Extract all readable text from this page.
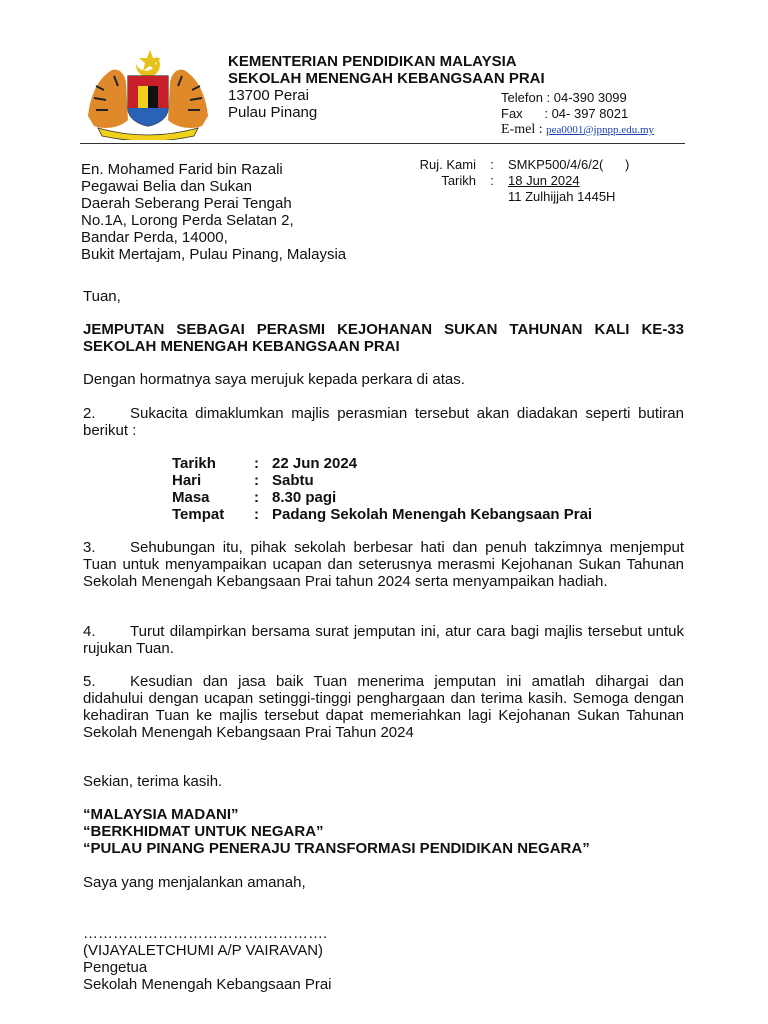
KEMENTERIAN PENDIDIKAN MALAYSIA
SEKOLAH MENENGAH KEBANGSAAN PRAI
13700 Perai
Pulau Pinang
Telefon : 04-390 3099
Fax      : 04- 397 8021
E-mel : pea0001@jpnpp.edu.my
En. Mohamed Farid bin Razali
Pegawai Belia dan Sukan
Daerah Seberang Perai Tengah
No.1A, Lorong Perda Selatan 2,
Bandar Perda, 14000,
Bukit Mertajam, Pulau Pinang, Malaysia
Ruj. Kami	:	SMKP500/4/6/2(      )
Tarikh	:	18 Jun 2024
11 Zulhijjah 1445H
Tuan,
JEMPUTAN SEBAGAI PERASMI KEJOHANAN SUKAN TAHUNAN KALI KE-33 SEKOLAH MENENGAH KEBANGSAAN PRAI
Dengan hormatnya saya merujuk kepada perkara di atas.
2. Sukacita dimaklumkan majlis perasmian tersebut akan diadakan seperti butiran berikut :
Tarikh	: 22 Jun 2024
Hari	: Sabtu
Masa	: 8.30 pagi
Tempat	: Padang Sekolah Menengah Kebangsaan Prai
3. Sehubungan itu, pihak sekolah berbesar hati dan penuh takzimnya menjemput Tuan untuk menyampaikan ucapan dan seterusnya merasmi Kejohanan Sukan Tahunan Sekolah Menengah Kebangsaan Prai tahun 2024 serta menyampaikan hadiah.
4. Turut dilampirkan bersama surat jemputan ini, atur cara bagi majlis tersebut untuk rujukan Tuan.
5. Kesudian dan jasa baik Tuan menerima jemputan ini amatlah dihargai dan didahului dengan ucapan setinggi-tinggi penghargaan dan terima kasih. Semoga dengan kehadiran Tuan ke majlis tersebut dapat memeriahkan lagi Kejohanan Sukan Tahunan Sekolah Menengah Kebangsaan Prai Tahun 2024
Sekian, terima kasih.
“MALAYSIA MADANI”
“BERKHIDMAT UNTUK NEGARA”
“PULAU PINANG PENERAJU TRANSFORMASI PENDIDIKAN NEGARA”
Saya yang menjalankan amanah,
………………………………………….
(VIJAYALETCHUMI A/P VAIRAVAN)
Pengetua
Sekolah Menengah Kebangsaan Prai
